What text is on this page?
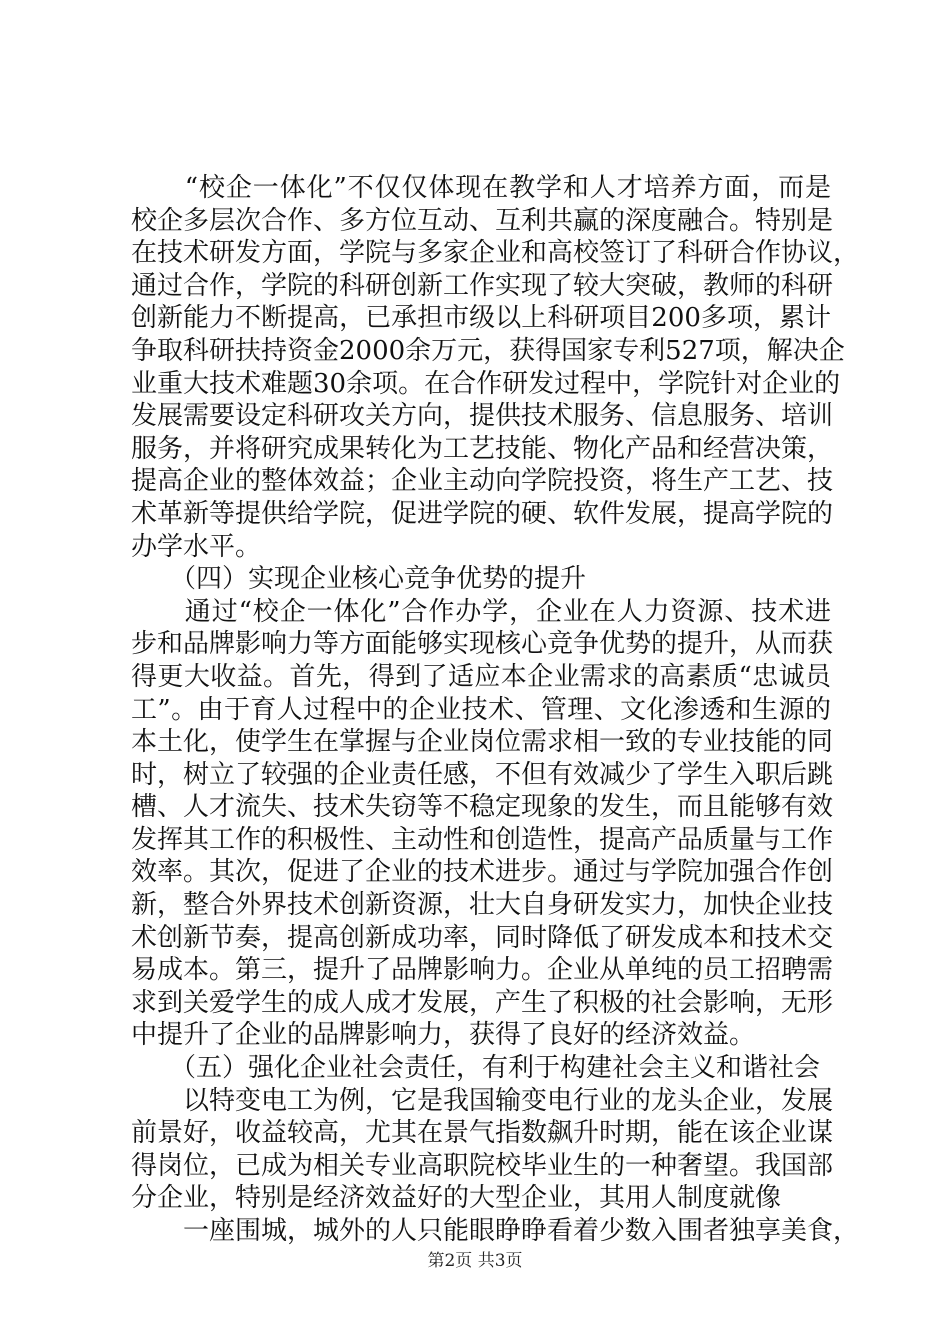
　　“校企一体化”不仅仅体现在教学和人才培养方面，而是
校企多层次合作、多方位互动、互利共赢的深度融合。特别是
在技术研发方面，学院与多家企业和高校签订了科研合作协议，
通过合作，学院的科研创新工作实现了较大突破，教师的科研
创新能力不断提高，已承担市级以上科研项目200多项，累计
争取科研扶持资金2000余万元，获得国家专利527项，解决企
业重大技术难题30余项。在合作研发过程中，学院针对企业的
发展需要设定科研攻关方向，提供技术服务、信息服务、培训
服务，并将研究成果转化为工艺技能、物化产品和经营决策，
提高企业的整体效益；企业主动向学院投资，将生产工艺、技
术革新等提供给学院，促进学院的硬、软件发展，提高学院的
办学水平。
　　（四）实现企业核心竞争优势的提升
　　通过“校企一体化”合作办学，企业在人力资源、技术进
步和品牌影响力等方面能够实现核心竞争优势的提升，从而获
得更大收益。首先，得到了适应本企业需求的高素质“忠诚员
工”。由于育人过程中的企业技术、管理、文化渗透和生源的
本土化，使学生在掌握与企业岗位需求相一致的专业技能的同
时，树立了较强的企业责任感，不但有效减少了学生入职后跳
槽、人才流失、技术失窃等不稳定现象的发生，而且能够有效
发挥其工作的积极性、主动性和创造性，提高产品质量与工作
效率。其次，促进了企业的技术进步。通过与学院加强合作创
新，整合外界技术创新资源，壮大自身研发实力，加快企业技
术创新节奏，提高创新成功率，同时降低了研发成本和技术交
易成本。第三，提升了品牌影响力。企业从单纯的员工招聘需
求到关爱学生的成人成才发展，产生了积极的社会影响，无形
中提升了企业的品牌影响力，获得了良好的经济效益。
　　（五）强化企业社会责任，有利于构建社会主义和谐社会
　　以特变电工为例，它是我国输变电行业的龙头企业，发展
前景好，收益较高，尤其在景气指数飙升时期，能在该企业谋
得岗位，已成为相关专业高职院校毕业生的一种奢望。我国部
分企业，特别是经济效益好的大型企业，其用人制度就像
　　一座围城，城外的人只能眼睁睁看着少数入围者独享美食，
第2页 共3页
